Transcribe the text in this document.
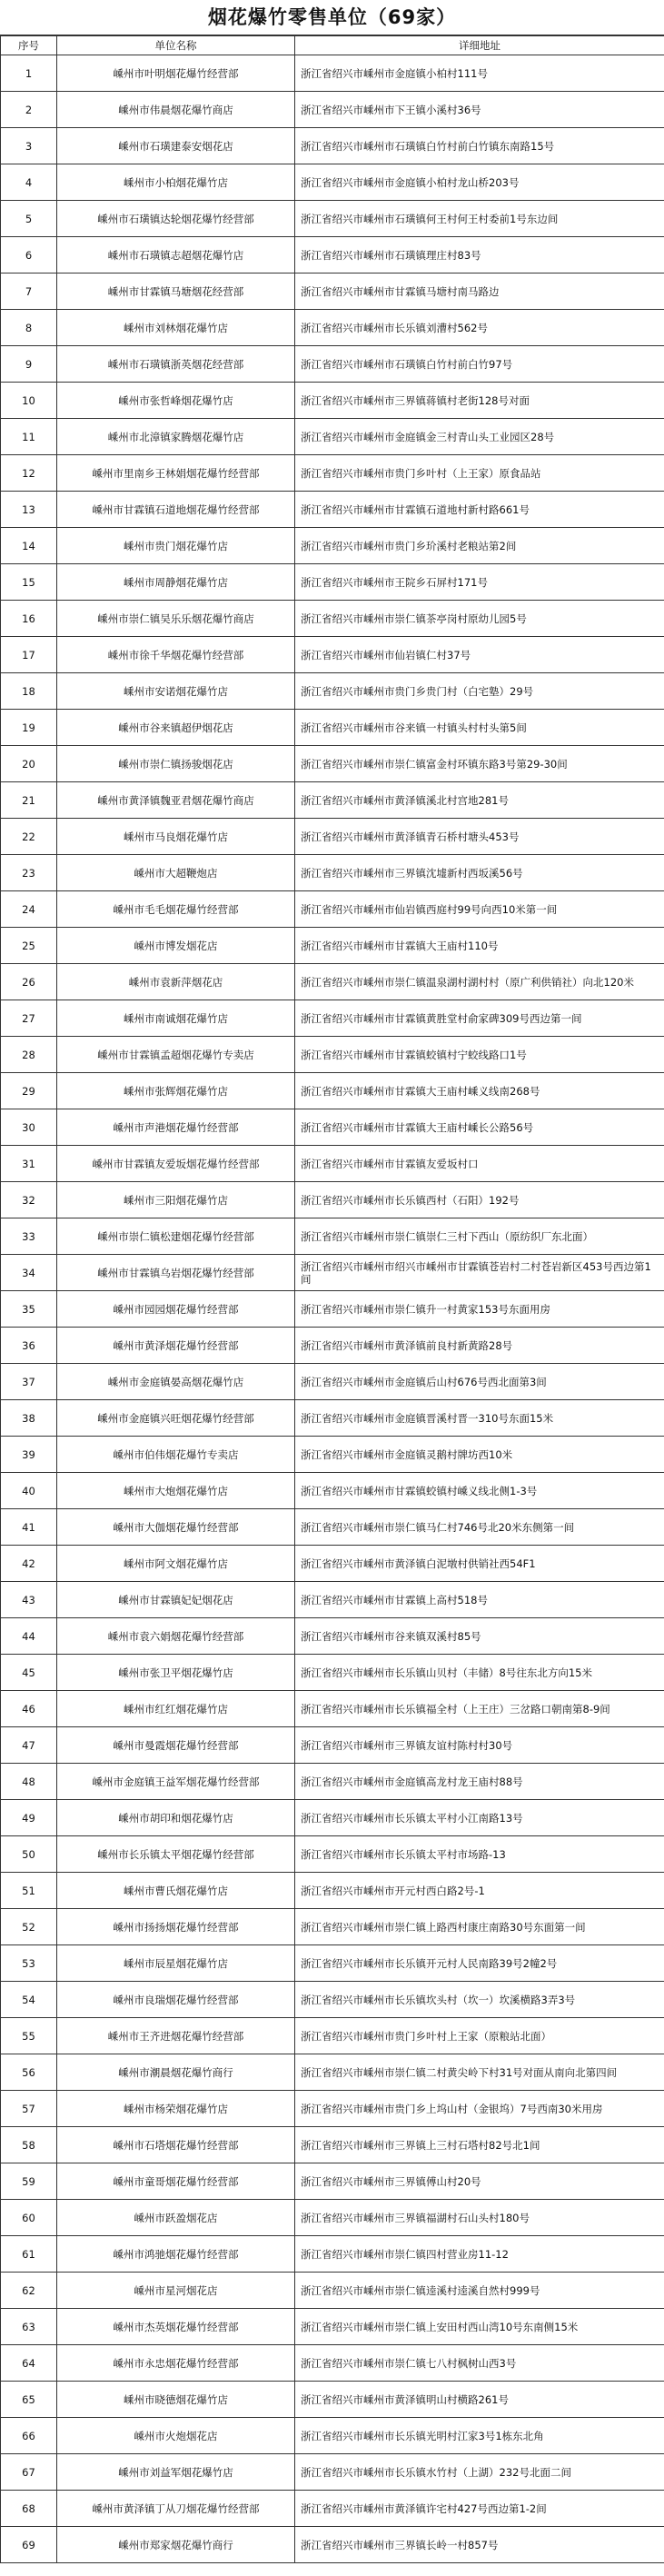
烟花爆竹零售单位（69家）
序号	单位名称	详细地址
1	嵊州市叶明烟花爆竹经营部	浙江省绍兴市嵊州市金庭镇小柏村111号
2	嵊州市伟晨烟花爆竹商店	浙江省绍兴市嵊州市下王镇小溪村36号
3	嵊州市石璜建泰安烟花店	浙江省绍兴市嵊州市石璜镇白竹村前白竹镇东南路15号
4	嵊州市小柏烟花爆竹店	浙江省绍兴市嵊州市金庭镇小柏村龙山桥203号
5	嵊州市石璜镇达轮烟花爆竹经营部	浙江省绍兴市嵊州市石璜镇何王村何王村委前1号东边间
6	嵊州市石璜镇志超烟花爆竹店	浙江省绍兴市嵊州市石璜镇理庄村83号
7	嵊州市甘霖镇马塘烟花经营部	浙江省绍兴市嵊州市甘霖镇马塘村南马路边
8	嵊州市刘林烟花爆竹店	浙江省绍兴市嵊州市长乐镇刘漕村562号
9	嵊州市石璜镇浙英烟花经营部	浙江省绍兴市嵊州市石璜镇白竹村前白竹97号
10	嵊州市张哲峰烟花爆竹店	浙江省绍兴市嵊州市三界镇蒋镇村老街128号对面
11	嵊州市北漳镇家腾烟花爆竹店	浙江省绍兴市嵊州市金庭镇金三村青山头工业园区28号
12	嵊州市里南乡王林娟烟花爆竹经营部	浙江省绍兴市嵊州市贵门乡叶村（上王家）原食品站
13	嵊州市甘霖镇石道地烟花爆竹经营部	浙江省绍兴市嵊州市甘霖镇石道地村新村路661号
14	嵊州市贵门烟花爆竹店	浙江省绍兴市嵊州市贵门乡玠溪村老粮站第2间
15	嵊州市周静烟花爆竹店	浙江省绍兴市嵊州市王院乡石屏村171号
16	嵊州市崇仁镇吴乐乐烟花爆竹商店	浙江省绍兴市嵊州市崇仁镇茶亭岗村原幼儿园5号
17	嵊州市徐千华烟花爆竹经营部	浙江省绍兴市嵊州市仙岩镇仁村37号
18	嵊州市安诺烟花爆竹店	浙江省绍兴市嵊州市贵门乡贵门村（白宅塾）29号
19	嵊州市谷来镇超伊烟花店	浙江省绍兴市嵊州市谷来镇一村镇头村村头第5间
20	嵊州市崇仁镇扬骏烟花店	浙江省绍兴市嵊州市崇仁镇富金村环镇东路3号第29-30间
21	嵊州市黄泽镇魏亚君烟花爆竹商店	浙江省绍兴市嵊州市黄泽镇溪北村宫地281号
22	嵊州市马良烟花爆竹店	浙江省绍兴市嵊州市黄泽镇青石桥村塘头453号
23	嵊州市大超鞭炮店	浙江省绍兴市嵊州市三界镇沈墟新村西坂溪56号
24	嵊州市毛毛烟花爆竹经营部	浙江省绍兴市嵊州市仙岩镇西庭村99号向西10米第一间
25	嵊州市博发烟花店	浙江省绍兴市嵊州市甘霖镇大王庙村110号
26	嵊州市袁新萍烟花店	浙江省绍兴市嵊州市崇仁镇温泉湖村湖村村（原广利供销社）向北120米
27	嵊州市南诚烟花爆竹店	浙江省绍兴市嵊州市甘霖镇黄胜堂村俞家碑309号西边第一间
28	嵊州市甘霖镇孟超烟花爆竹专卖店	浙江省绍兴市嵊州市甘霖镇蛟镇村宁蛟线路口1号
29	嵊州市张辉烟花爆竹店	浙江省绍兴市嵊州市甘霖镇大王庙村嵊义线南268号
30	嵊州市声港烟花爆竹经营部	浙江省绍兴市嵊州市甘霖镇大王庙村嵊长公路56号
31	嵊州市甘霖镇友爱坂烟花爆竹经营部	浙江省绍兴市嵊州市甘霖镇友爱坂村口
32	嵊州市三阳烟花爆竹店	浙江省绍兴市嵊州市长乐镇西村（石阳）192号
33	嵊州市崇仁镇松建烟花爆竹经营部	浙江省绍兴市嵊州市崇仁镇崇仁三村下西山（原纺织厂东北面）
34	嵊州市甘霖镇乌岩烟花爆竹经营部	浙江省绍兴市嵊州市绍兴市嵊州市甘霖镇苍岩村二村苍岩新区453号西边第1间
35	嵊州市园园烟花爆竹经营部	浙江省绍兴市嵊州市崇仁镇升一村黄家153号东面用房
36	嵊州市黄泽烟花爆竹经营部	浙江省绍兴市嵊州市黄泽镇前良村新黄路28号
37	嵊州市金庭镇晏高烟花爆竹店	浙江省绍兴市嵊州市金庭镇后山村676号西北面第3间
38	嵊州市金庭镇兴旺烟花爆竹经营部	浙江省绍兴市嵊州市金庭镇晋溪村晋一310号东面15米
39	嵊州市伯伟烟花爆竹专卖店	浙江省绍兴市嵊州市金庭镇灵鹅村牌坊西10米
40	嵊州市大炮烟花爆竹店	浙江省绍兴市嵊州市甘霖镇蛟镇村嵊义线北侧1-3号
41	嵊州市大伽烟花爆竹经营部	浙江省绍兴市嵊州市崇仁镇马仁村746号北20米东侧第一间
42	嵊州市阿文烟花爆竹店	浙江省绍兴市嵊州市黄泽镇白泥墩村供销社西54F1
43	嵊州市甘霖镇妃妃烟花店	浙江省绍兴市嵊州市甘霖镇上高村518号
44	嵊州市袁六娟烟花爆竹经营部	浙江省绍兴市嵊州市谷来镇双溪村85号
45	嵊州市张卫平烟花爆竹店	浙江省绍兴市嵊州市长乐镇山贝村（丰储）8号往东北方向15米
46	嵊州市红红烟花爆竹店	浙江省绍兴市嵊州市长乐镇福全村（上王庄）三岔路口朝南第8-9间
47	嵊州市曼霞烟花爆竹经营部	浙江省绍兴市嵊州市三界镇友谊村陈村村30号
48	嵊州市金庭镇王益军烟花爆竹经营部	浙江省绍兴市嵊州市金庭镇高龙村龙王庙村88号
49	嵊州市胡印和烟花爆竹店	浙江省绍兴市嵊州市长乐镇太平村小江南路13号
50	嵊州市长乐镇太平烟花爆竹经营部	浙江省绍兴市嵊州市长乐镇太平村市场路-13
51	嵊州市曹氏烟花爆竹店	浙江省绍兴市嵊州市开元村西白路2号-1
52	嵊州市扬扬烟花爆竹经营部	浙江省绍兴市嵊州市崇仁镇上路西村康庄南路30号东面第一间
53	嵊州市辰星烟花爆竹店	浙江省绍兴市嵊州市长乐镇开元村人民南路39号2幢2号
54	嵊州市良瑞烟花爆竹经营部	浙江省绍兴市嵊州市长乐镇坎头村（坎一）坎溪横路3弄3号
55	嵊州市王齐进烟花爆竹经营部	浙江省绍兴市嵊州市贵门乡叶村上王家（原粮站北面）
56	嵊州市潮晨烟花爆竹商行	浙江省绍兴市嵊州市崇仁镇二村黄尖岭下村31号对面从南向北第四间
57	嵊州市杨荣烟花爆竹店	浙江省绍兴市嵊州市贵门乡上坞山村（金银坞）7号西南30米用房
58	嵊州市石塔烟花爆竹经营部	浙江省绍兴市嵊州市三界镇上三村石塔村82号北1间
59	嵊州市童哥烟花爆竹经营部	浙江省绍兴市嵊州市三界镇傅山村20号
60	嵊州市跃盈烟花店	浙江省绍兴市嵊州市三界镇福湖村石山头村180号
61	嵊州市鸿驰烟花爆竹经营部	浙江省绍兴市嵊州市崇仁镇四村营业房11-12
62	嵊州市星河烟花店	浙江省绍兴市嵊州市崇仁镇逵溪村逵溪自然村999号
63	嵊州市杰英烟花爆竹经营部	浙江省绍兴市嵊州市崇仁镇上安田村西山湾10号东南侧15米
64	嵊州市永忠烟花爆竹经营部	浙江省绍兴市嵊州市崇仁镇七八村枫树山西3号
65	嵊州市晓德烟花爆竹店	浙江省绍兴市嵊州市黄泽镇明山村横路261号
66	嵊州市火炮烟花店	浙江省绍兴市嵊州市长乐镇光明村江家3号1栋东北角
67	嵊州市刘益军烟花爆竹店	浙江省绍兴市嵊州市长乐镇水竹村（上湖）232号北面二间
68	嵊州市黄泽镇丁从刀烟花爆竹经营部	浙江省绍兴市嵊州市黄泽镇许宅村427号西边第1-2间
69	嵊州市郑家烟花爆竹商行	浙江省绍兴市嵊州市三界镇长岭一村857号
